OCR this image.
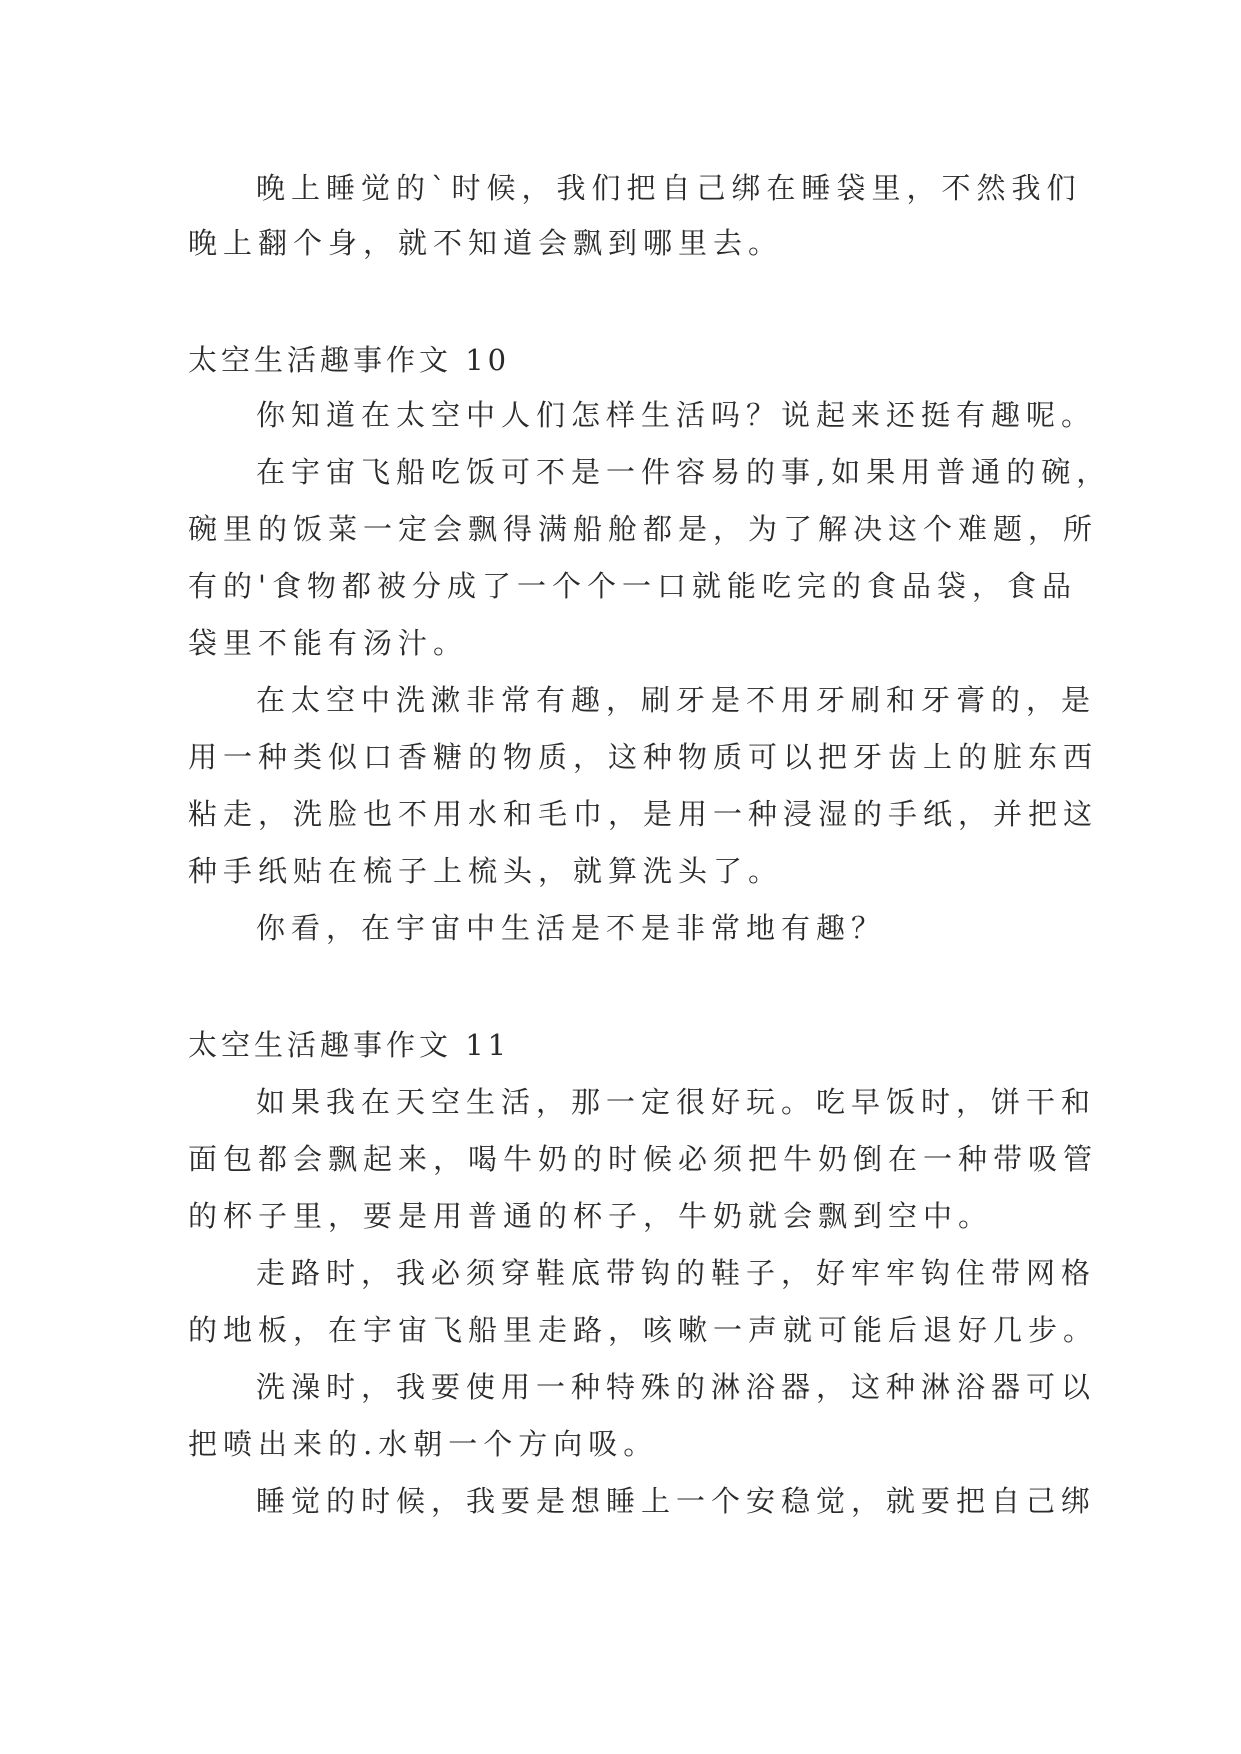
晚上睡觉的`时候，我们把自己绑在睡袋里，不然我们
晚上翻个身，就不知道会飘到哪里去。
太空生活趣事作文 10
你知道在太空中人们怎样生活吗？说起来还挺有趣呢。
在宇宙飞船吃饭可不是一件容易的事,如果用普通的碗，
碗里的饭菜一定会飘得满船舱都是，为了解决这个难题，所
有的'食物都被分成了一个个一口就能吃完的食品袋，食品
袋里不能有汤汁。
在太空中洗漱非常有趣，刷牙是不用牙刷和牙膏的，是
用一种类似口香糖的物质，这种物质可以把牙齿上的脏东西
粘走，洗脸也不用水和毛巾，是用一种浸湿的手纸，并把这
种手纸贴在梳子上梳头，就算洗头了。
你看，在宇宙中生活是不是非常地有趣？
太空生活趣事作文 11
如果我在天空生活，那一定很好玩。吃早饭时，饼干和
面包都会飘起来，喝牛奶的时候必须把牛奶倒在一种带吸管
的杯子里，要是用普通的杯子，牛奶就会飘到空中。
走路时，我必须穿鞋底带钩的鞋子，好牢牢钩住带网格
的地板，在宇宙飞船里走路，咳嗽一声就可能后退好几步。
洗澡时，我要使用一种特殊的淋浴器，这种淋浴器可以
把喷出来的.水朝一个方向吸。
睡觉的时候，我要是想睡上一个安稳觉，就要把自己绑
